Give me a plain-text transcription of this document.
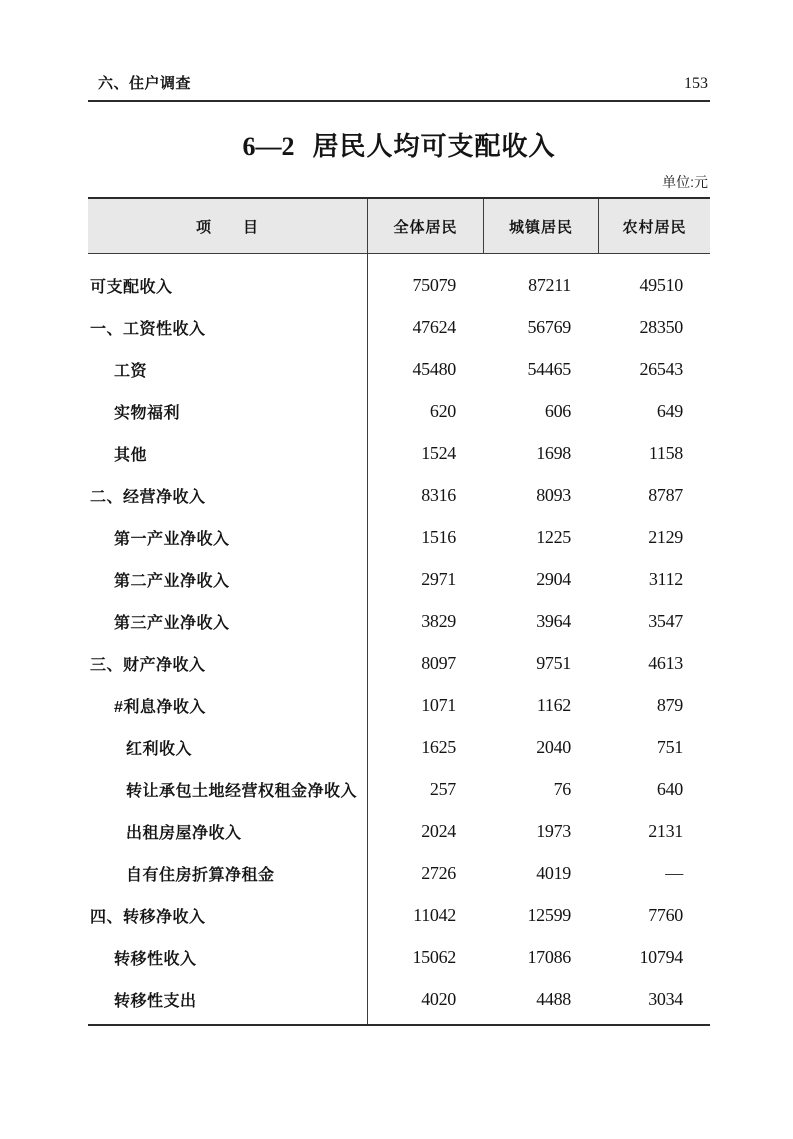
六、住户调查	153
6—2 居民人均可支配收入
单位:元
项      目	全体居民	城镇居民	农村居民
可支配收入	75079	87211	49510
一、工资性收入	47624	56769	28350
工资	45480	54465	26543
实物福利	620	606	649
其他	1524	1698	1158
二、经营净收入	8316	8093	8787
第一产业净收入	1516	1225	2129
第二产业净收入	2971	2904	3112
第三产业净收入	3829	3964	3547
三、财产净收入	8097	9751	4613
#利息净收入	1071	1162	879
红利收入	1625	2040	751
转让承包土地经营权租金净收入	257	76	640
出租房屋净收入	2024	1973	2131
自有住房折算净租金	2726	4019	—
四、转移净收入	11042	12599	7760
转移性收入	15062	17086	10794
转移性支出	4020	4488	3034
